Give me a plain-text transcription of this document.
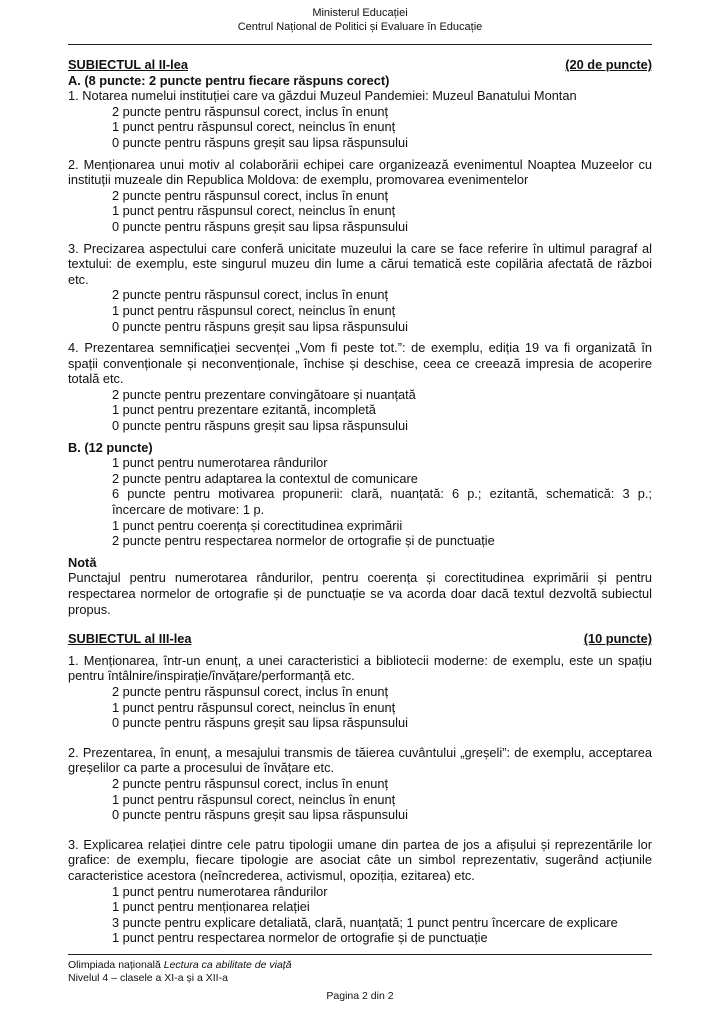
Ministerul Educației
Centrul Național de Politici și Evaluare în Educație
SUBIECTUL al II-lea	(20 de puncte)

A. (8 puncte: 2 puncte pentru fiecare răspuns corect)

1. Notarea numelui instituției care va găzdui Muzeul Pandemiei: Muzeul Banatului Montan

2 puncte pentru răspunsul corect, inclus în enunț

1 punct pentru răspunsul corect, neinclus în enunț

0 puncte pentru răspuns greșit sau lipsa răspunsului

2. Menționarea unui motiv al colaborării echipei care organizează evenimentul Noaptea Muzeelor cu instituții muzeale din Republica Moldova: de exemplu, promovarea evenimentelor

2 puncte pentru răspunsul corect, inclus în enunț

1 punct pentru răspunsul corect, neinclus în enunț

0 puncte pentru răspuns greșit sau lipsa răspunsului

3. Precizarea aspectului care conferă unicitate muzeului la care se face referire în ultimul paragraf al textului: de exemplu, este singurul muzeu din lume a cărui tematică este copilăria afectată de război etc.

2 puncte pentru răspunsul corect, inclus în enunț

1 punct pentru răspunsul corect, neinclus în enunț

0 puncte pentru răspuns greșit sau lipsa răspunsului

4. Prezentarea semnificației secvenței „Vom fi peste tot.”: de exemplu, ediția 19 va fi organizată în spații convenționale și neconvenționale, închise și deschise, ceea ce creează impresia de acoperire totală etc.

2 puncte pentru prezentare convingătoare și nuanțată

1 punct pentru prezentare ezitantă, incompletă

0 puncte pentru răspuns greșit sau lipsa răspunsului

B. (12 puncte)

1 punct pentru numerotarea rândurilor

2 puncte pentru adaptarea la contextul de comunicare

6 puncte pentru motivarea propunerii: clară, nuanțată: 6 p.; ezitantă, schematică: 3 p.; încercare de motivare: 1 p.

1 punct pentru coerența și corectitudinea exprimării

2 puncte pentru respectarea normelor de ortografie și de punctuație

Notă

Punctajul pentru numerotarea rândurilor, pentru coerența și corectitudinea exprimării și pentru respectarea normelor de ortografie și de punctuație se va acorda doar dacă textul dezvoltă subiectul propus.

SUBIECTUL al III-lea	(10 puncte)

1. Menționarea, într-un enunț, a unei caracteristici a bibliotecii moderne: de exemplu, este un spațiu pentru întâlnire/inspirație/învățare/performanță etc.

2 puncte pentru răspunsul corect, inclus în enunț

1 punct pentru răspunsul corect, neinclus în enunț

0 puncte pentru răspuns greșit sau lipsa răspunsului

2. Prezentarea, în enunț, a mesajului transmis de tăierea cuvântului „greșeli”: de exemplu, acceptarea greșelilor ca parte a procesului de învățare etc.

2 puncte pentru răspunsul corect, inclus în enunț

1 punct pentru răspunsul corect, neinclus în enunț

0 puncte pentru răspuns greșit sau lipsa răspunsului

3. Explicarea relației dintre cele patru tipologii umane din partea de jos a afișului și reprezentările lor grafice: de exemplu, fiecare tipologie are asociat câte un simbol reprezentativ, sugerând acțiunile caracteristice acestora (neîncrederea, activismul, opoziția, ezitarea) etc.

1 punct pentru numerotarea rândurilor

1 punct pentru menționarea relației

3 puncte pentru explicare detaliată, clară, nuanțată; 1 punct pentru încercare de explicare

1 punct pentru respectarea normelor de ortografie și de punctuație

Olimpiada națională Lectura ca abilitate de viață
Nivelul 4 – clasele a XI-a și a XII-a
Pagina 2 din 2
